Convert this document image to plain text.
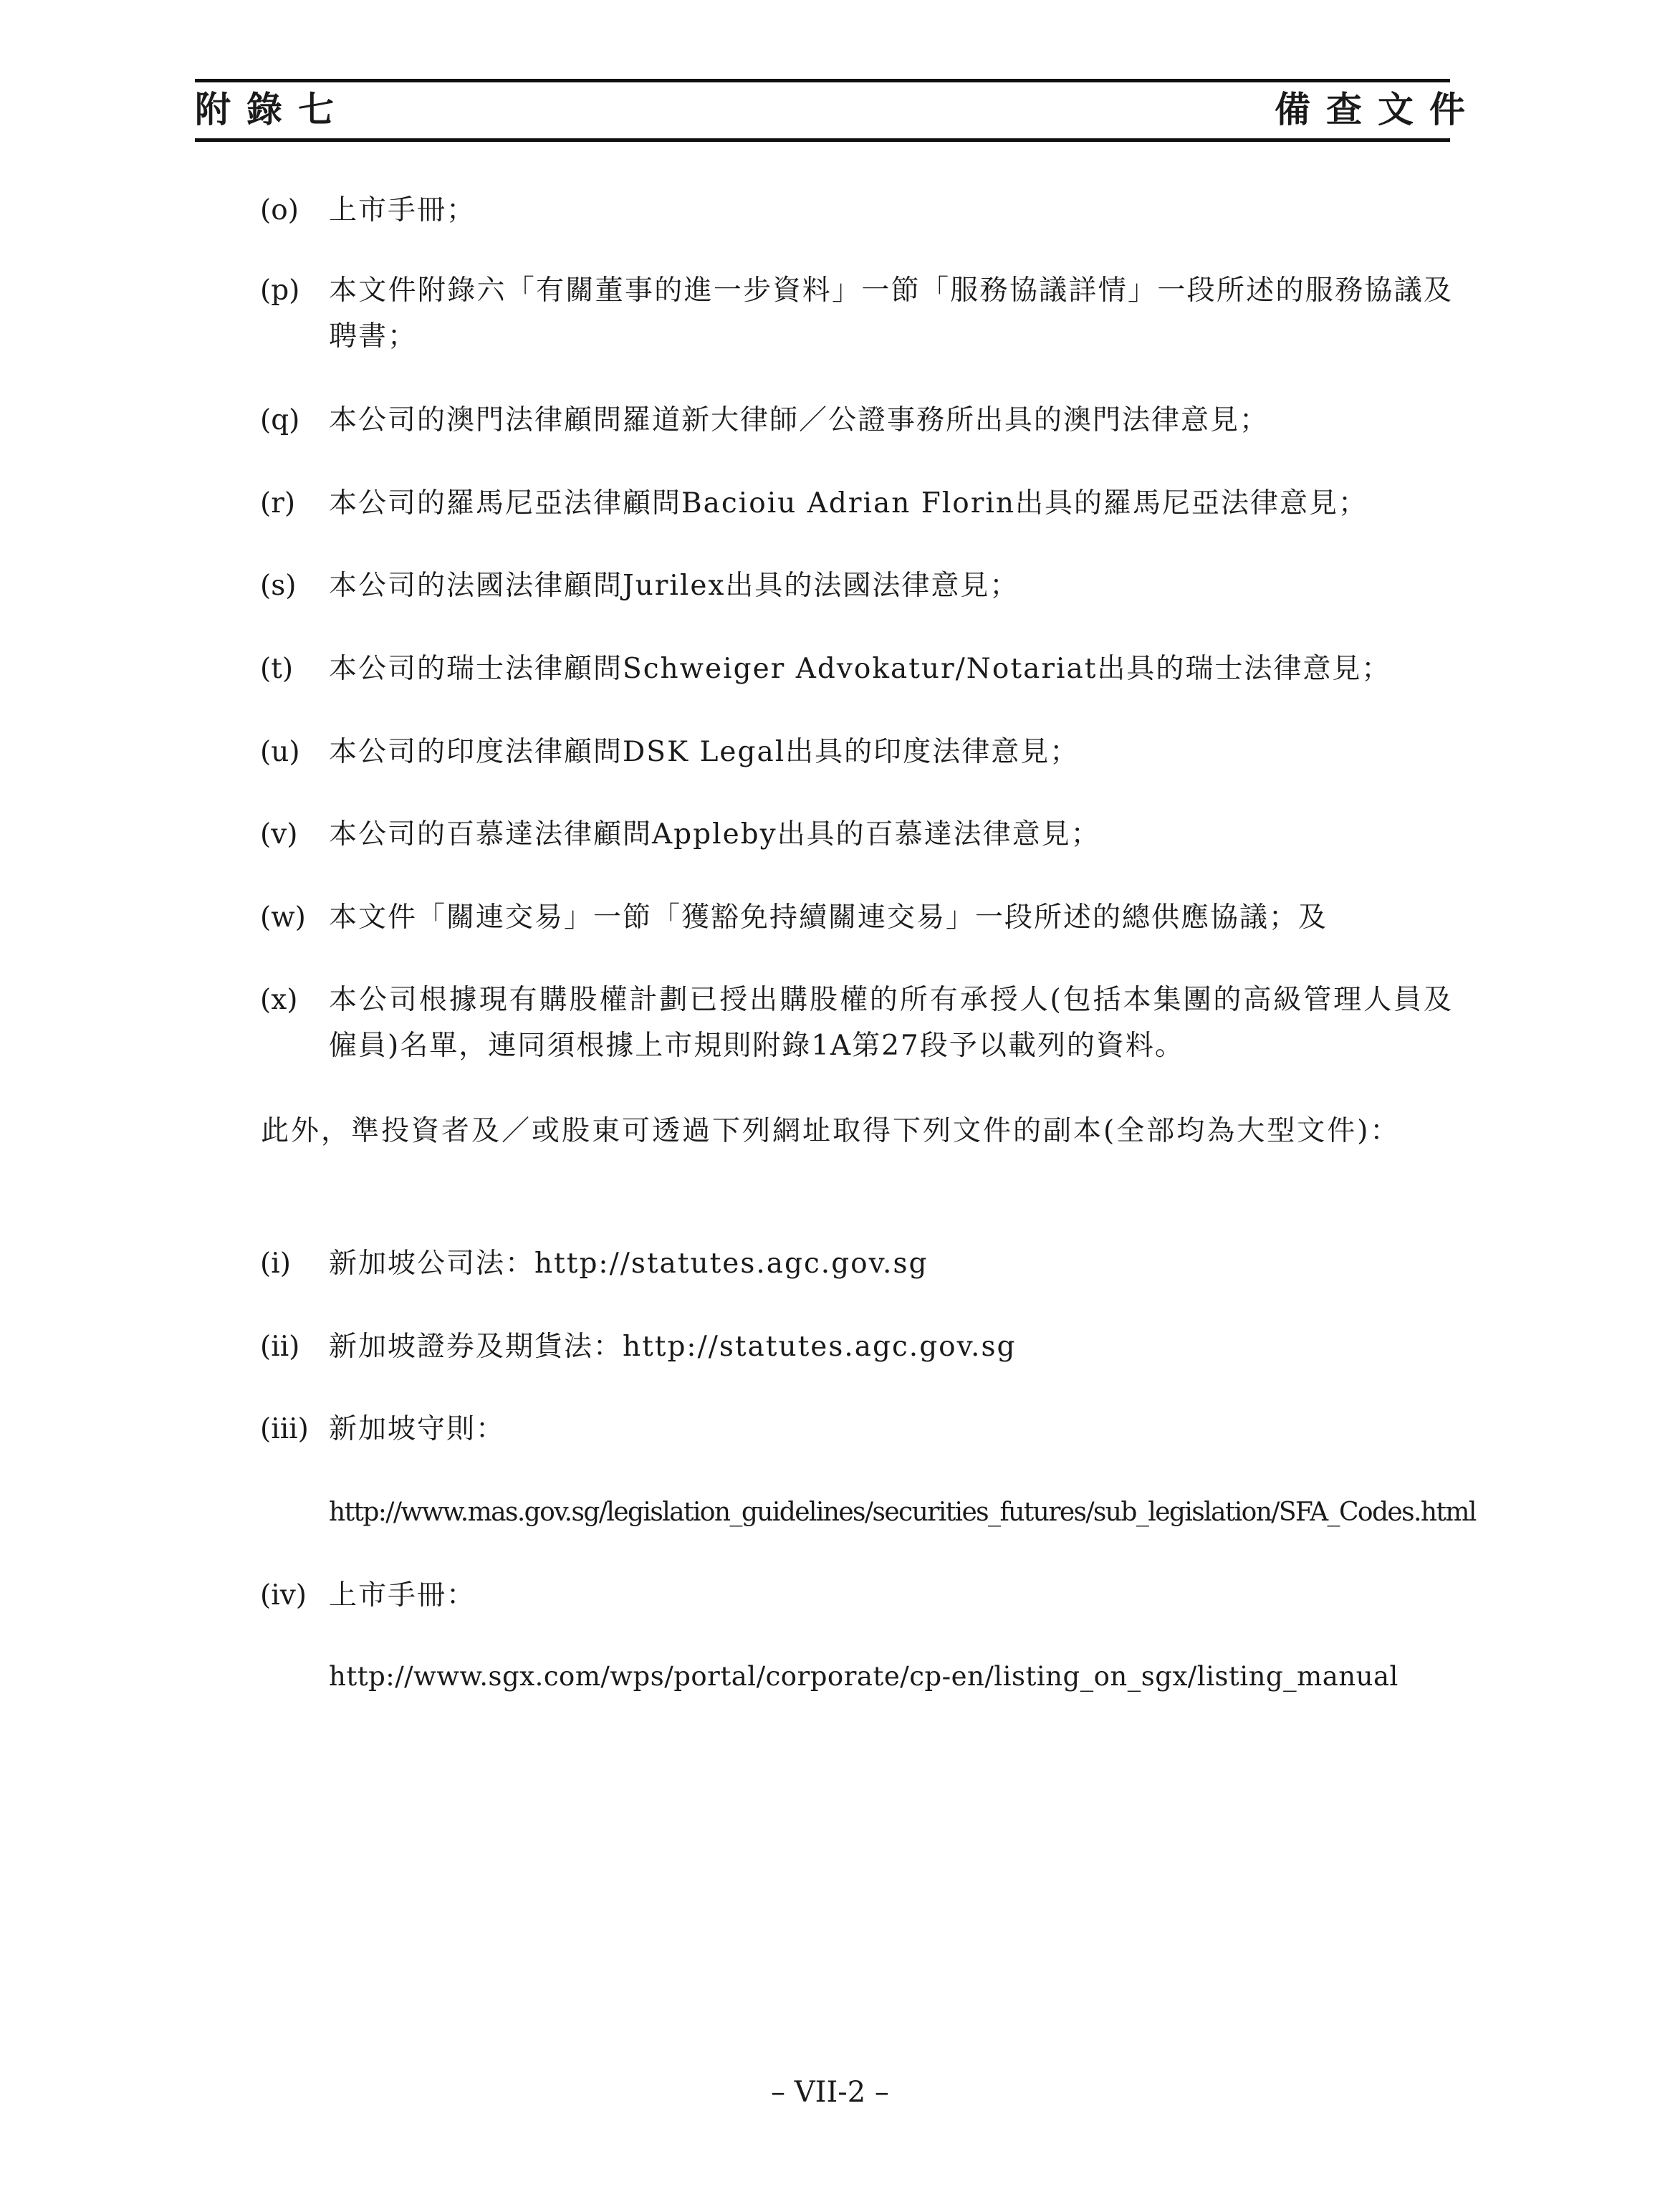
附錄七	備查文件
(o)	上市手冊；
(p)	本文件附錄六「有關董事的進一步資料」一節「服務協議詳情」一段所述的服務協議及聘書；
(q)	本公司的澳門法律顧問羅道新大律師／公證事務所出具的澳門法律意見；
(r)	本公司的羅馬尼亞法律顧問Bacioiu Adrian Florin出具的羅馬尼亞法律意見；
(s)	本公司的法國法律顧問Jurilex出具的法國法律意見；
(t)	本公司的瑞士法律顧問Schweiger Advokatur/Notariat出具的瑞士法律意見；
(u)	本公司的印度法律顧問DSK Legal出具的印度法律意見；
(v)	本公司的百慕達法律顧問Appleby出具的百慕達法律意見；
(w) 本文件「關連交易」一節「獲豁免持續關連交易」一段所述的總供應協議；及
(x)	本公司根據現有購股權計劃已授出購股權的所有承授人(包括本集團的高級管理人員及僱員)名單，連同須根據上市規則附錄1A第27段予以載列的資料。
此外，準投資者及／或股東可透過下列網址取得下列文件的副本(全部均為大型文件)：
(i)	新加坡公司法：http://statutes.agc.gov.sg
(ii)	新加坡證券及期貨法：http://statutes.agc.gov.sg
(iii) 新加坡守則：
http://www.mas.gov.sg/legislation_guidelines/securities_futures/sub_legislation/SFA_Codes.html
(iv) 上市手冊：
http://www.sgx.com/wps/portal/corporate/cp-en/listing_on_sgx/listing_manual
– VII-2 –
